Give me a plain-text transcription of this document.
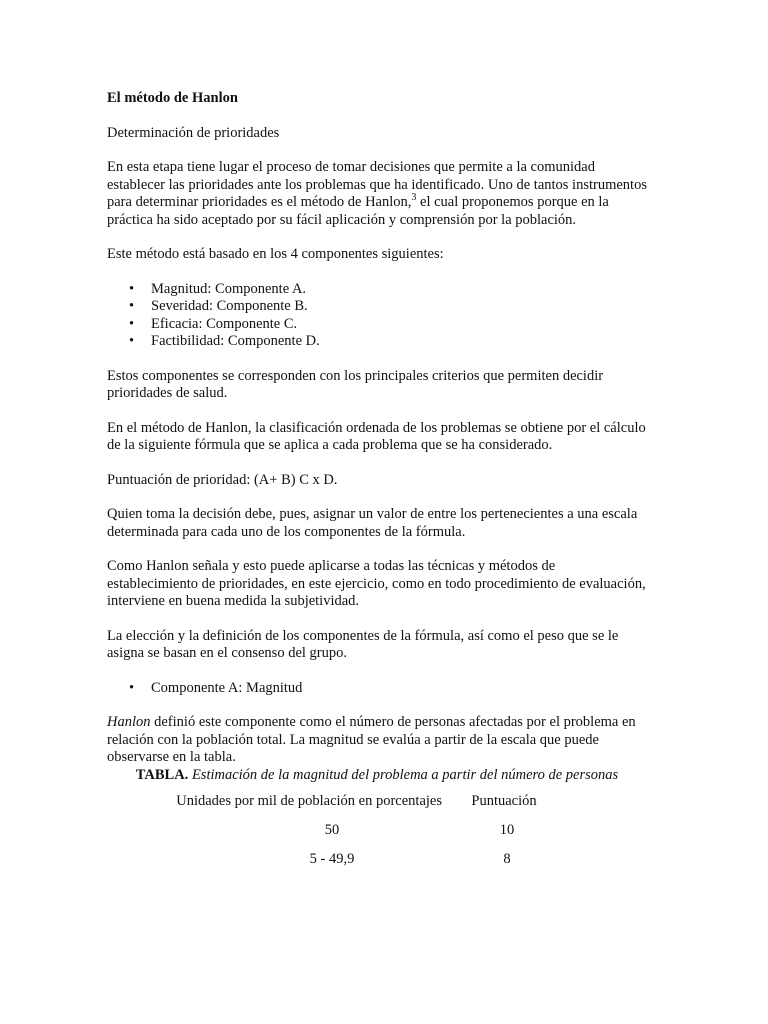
El método de Hanlon

Determinación de prioridades

En esta etapa tiene lugar el proceso de tomar decisiones que permite a la comunidad establecer las prioridades ante los problemas que ha identificado. Uno de tantos instrumentos para determinar prioridades es el método de Hanlon,$^3$ el cual proponemos porque en la práctica ha sido aceptado por su fácil aplicación y comprensión por la población.

Este método está basado en los 4 componentes siguientes:

• Magnitud: Componente A.
• Severidad: Componente B.
• Eficacia: Componente C.
• Factibilidad: Componente D.

Estos componentes se corresponden con los principales criterios que permiten decidir prioridades de salud.

En el método de Hanlon, la clasificación ordenada de los problemas se obtiene por el cálculo de la siguiente fórmula que se aplica a cada problema que se ha considerado.

Puntuación de prioridad: (A+ B) C x D.

Quien toma la decisión debe, pues, asignar un valor de entre los pertenecientes a una escala determinada para cada uno de los componentes de la fórmula.

Como Hanlon señala y esto puede aplicarse a todas las técnicas y métodos de establecimiento de prioridades, en este ejercicio, como en todo procedimiento de evaluación, interviene en buena medida la subjetividad.

La elección y la definición de los componentes de la fórmula, así como el peso que se le asigna se basan en el consenso del grupo.

• Componente A: Magnitud

Hanlon definió este componente como el número de personas afectadas por el problema en relación con la población total. La magnitud se evalúa a partir de la escala que puede observarse en la tabla.

TABLA. Estimación de la magnitud del problema a partir del número de personas
Unidades por mil de población en porcentajes	Puntuación
50	10
5 - 49,9	8
